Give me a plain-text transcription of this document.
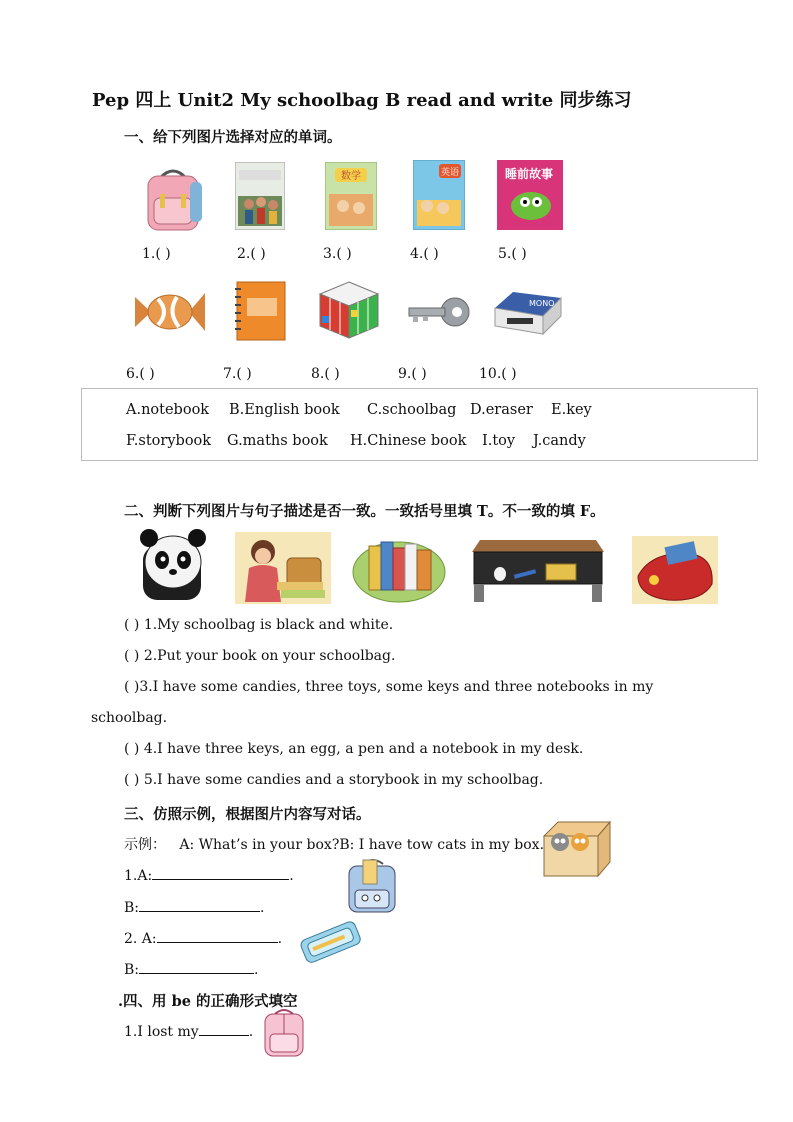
Pep 四上 Unit2 My schoolbag B read and write 同步练习
一、给下列图片选择对应的单词。
数学	英语	睡前故事
1.( )	2.( )	3.( )	4.( )	5.( )
MONO
6.( )	7.( )	8.( )	9.( )	10.( )
A.notebook B.English book C.schoolbag D.eraser E.key
F.storybook G.maths book H.Chinese book I.toy J.candy
二、判断下列图片与句子描述是否一致。一致括号里填 T。不一致的填 F。
( ) 1.My schoolbag is black and white.
( ) 2.Put your book on your schoolbag.
( )3.I have some candies, three toys, some keys and three notebooks in my
schoolbag.
( ) 4.I have three keys, an egg, a pen and a notebook in my desk.
( ) 5.I have some candies and a storybook in my schoolbag.
三、仿照示例，根据图片内容写对话。
示例： A: What’s in your box?B: I have tow cats in my box.
1.A:	.
B:	.
2. A:	.
B:	.
.四、用 be 的正确形式填空
1.I lost my	.
